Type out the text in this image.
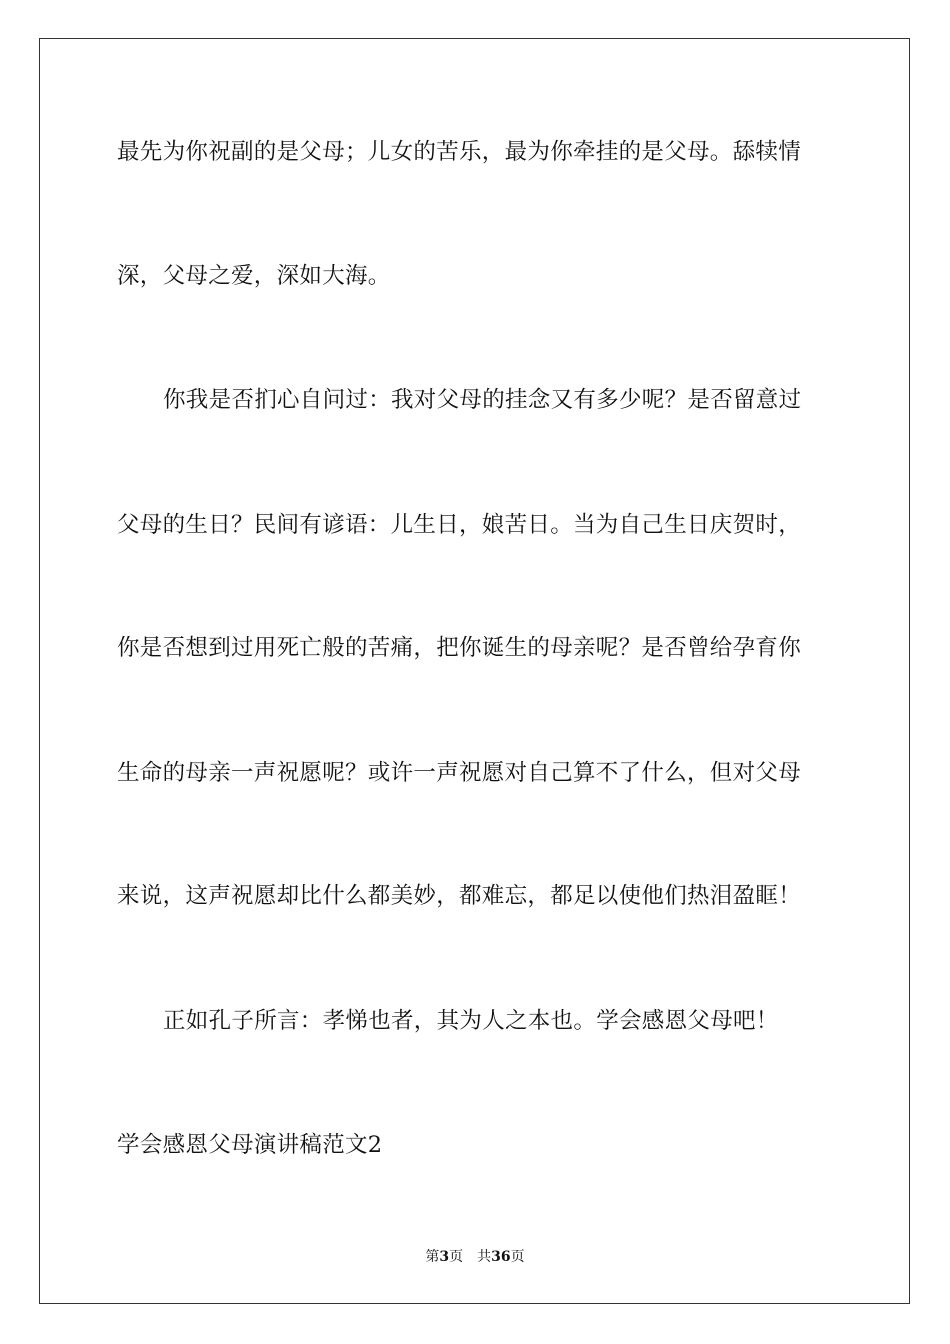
最先为你祝副的是父母；儿女的苦乐，最为你牵挂的是父母。舔犊情
深，父母之爱，深如大海。
你我是否扪心自问过：我对父母的挂念又有多少呢？是否留意过
父母的生日？民间有谚语：儿生日，娘苦日。当为自己生日庆贺时，
你是否想到过用死亡般的苦痛，把你诞生的母亲呢？是否曾给孕育你
生命的母亲一声祝愿呢？或许一声祝愿对自己算不了什么，但对父母
来说，这声祝愿却比什么都美妙，都难忘，都足以使他们热泪盈眶！
正如孔子所言：孝悌也者，其为人之本也。学会感恩父母吧！
学会感恩父母演讲稿范文2
第3页 共36页
